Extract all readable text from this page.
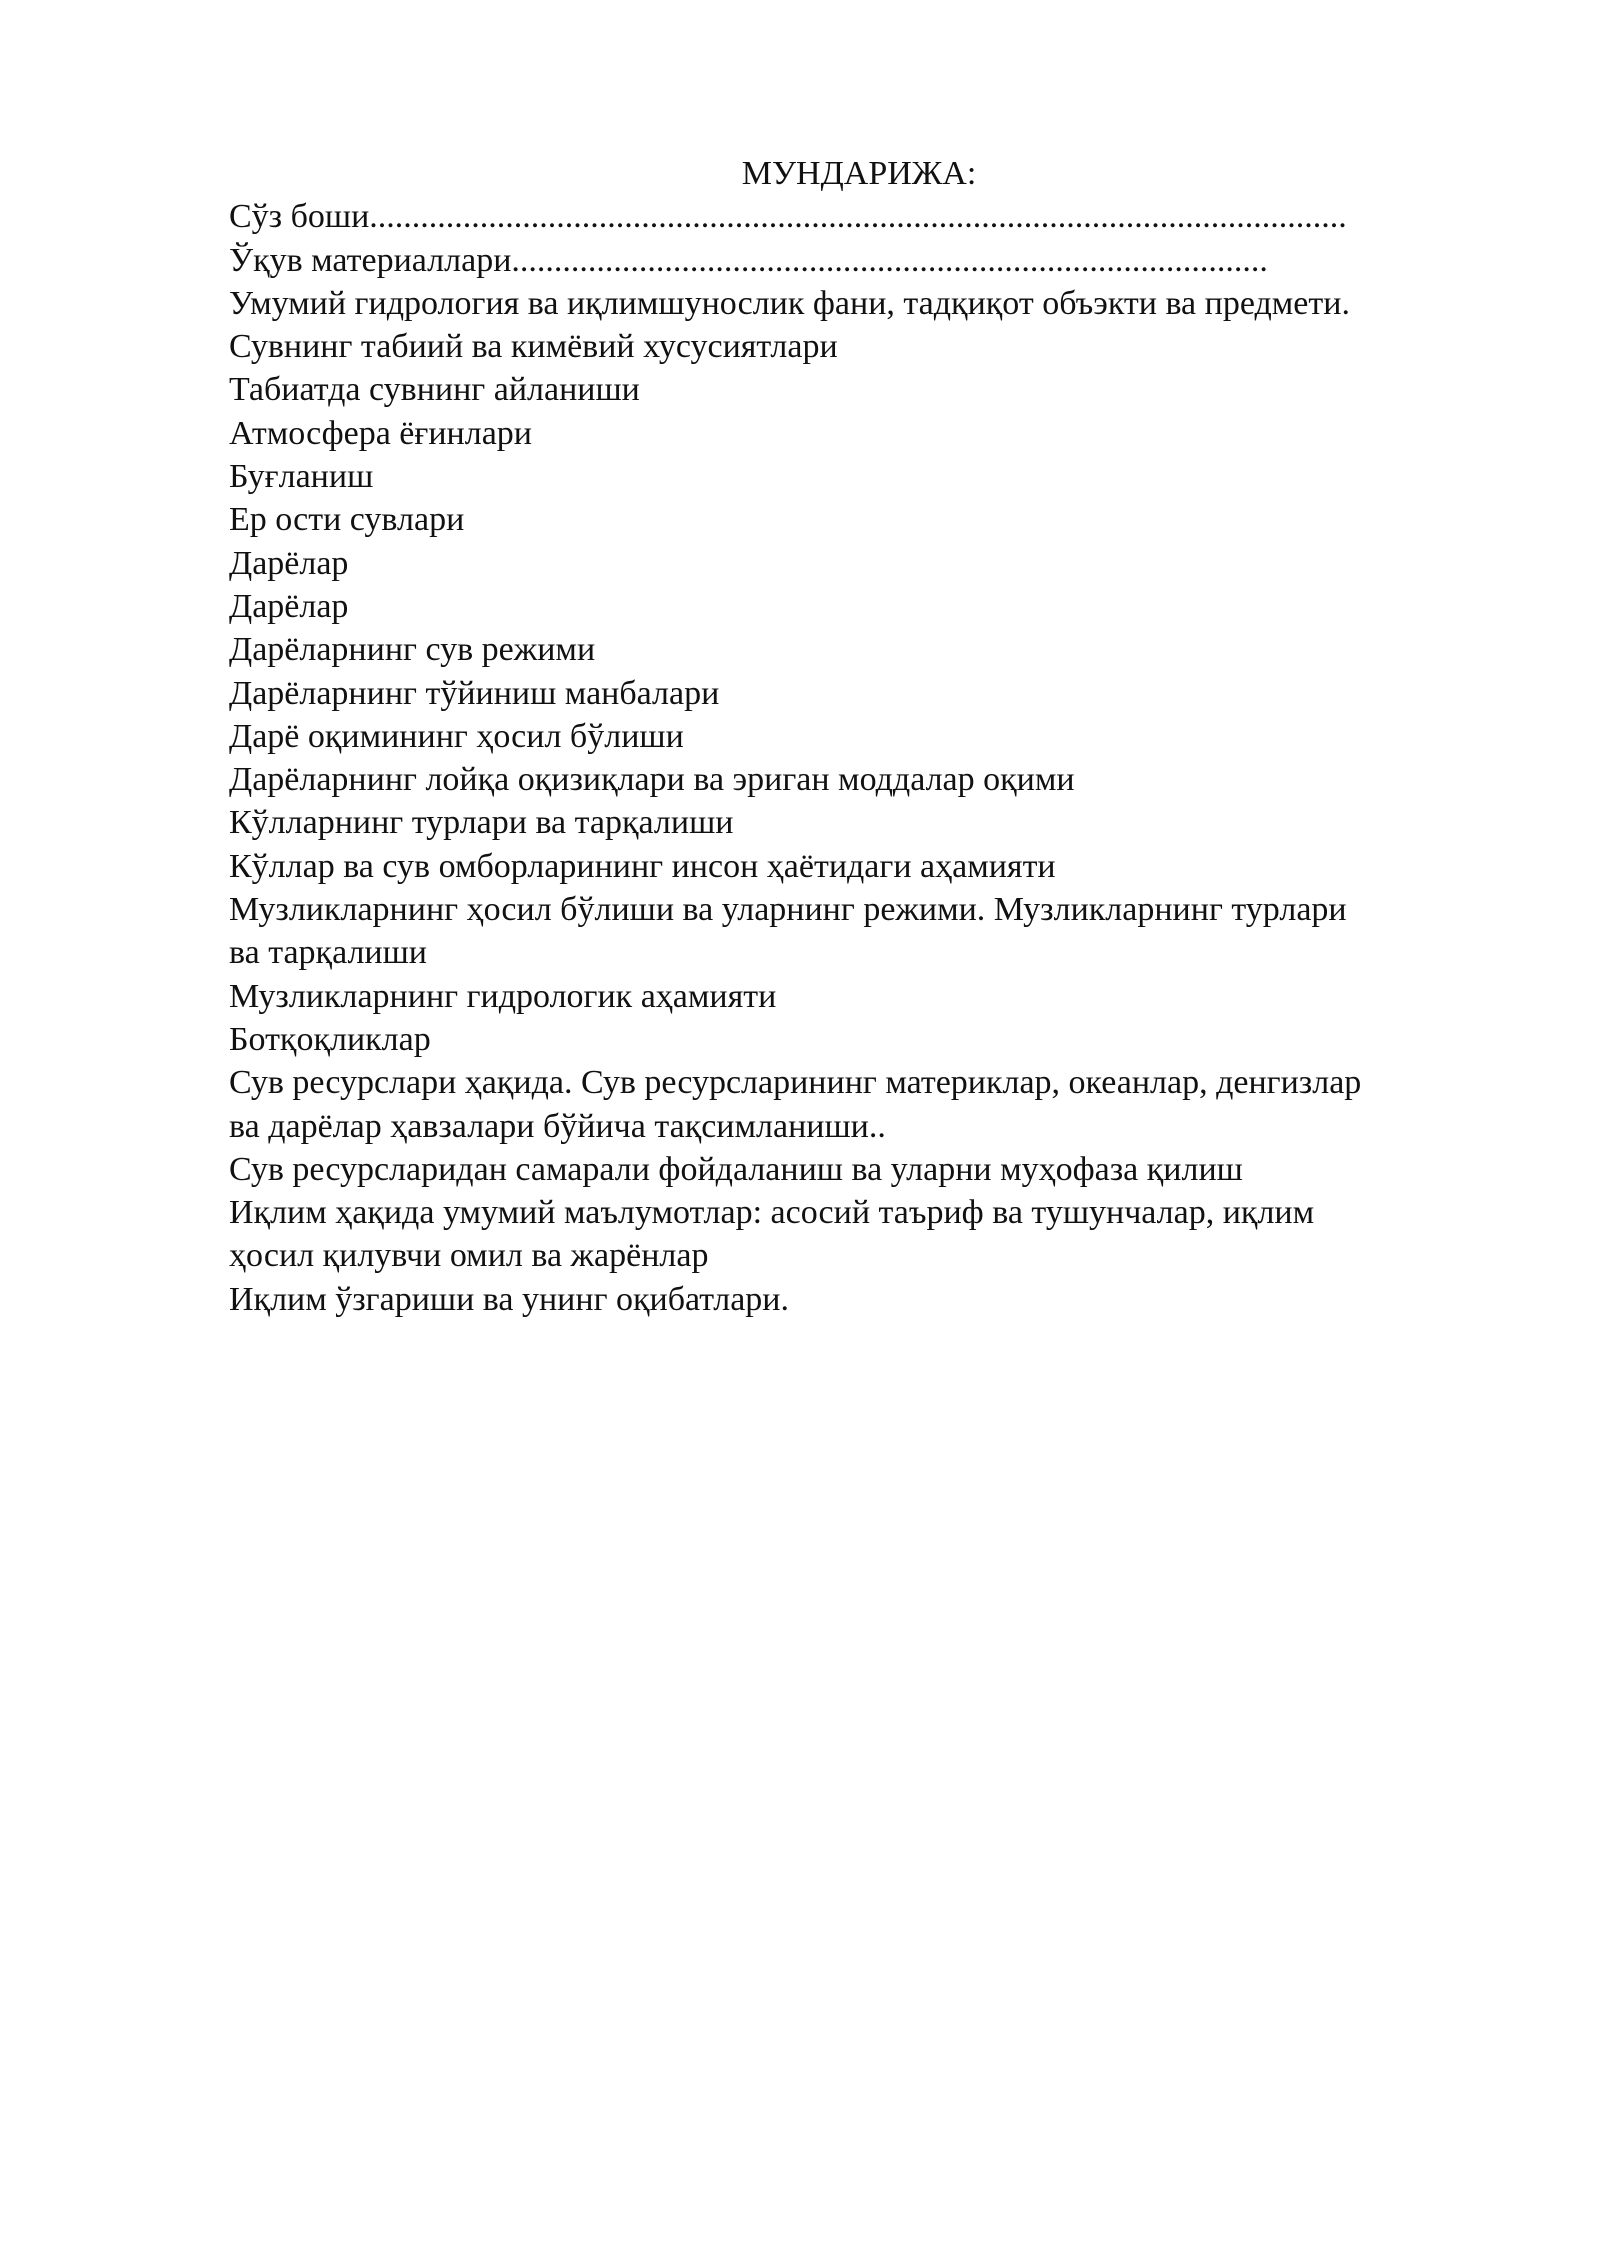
МУНДАРИЖА:
Сўз боши...................................................................................................................
Ўқув материаллари.........................................................................................
Умумий гидрология ва иқлимшунослик фани, тадқиқот объэкти ва предмети.
Сувнинг табиий ва кимёвий хусусиятлари
Табиатда сувнинг айланиши
Атмосфера ёғинлари
Буғланиш
Ер ости сувлари
Дарёлар
Дарёлар
Дарёларнинг сув режими
Дарёларнинг тўйиниш манбалари
Дарё оқимининг ҳосил бўлиши
Дарёларнинг лойқа оқизиқлари ва эриган моддалар оқими
Кўлларнинг турлари ва тарқалиши
Кўллар ва сув омборларининг инсон ҳаётидаги аҳамияти
Музликларнинг ҳосил бўлиши ва уларнинг режими. Музликларнинг турлари
ва тарқалиши
Музликларнинг гидрологик аҳамияти
Ботқоқликлар
Сув ресурслари ҳақида. Сув ресурсларининг материклар, океанлар, денгизлар
ва дарёлар ҳавзалари бўйича тақсимланиши..
Сув ресурсларидан самарали фойдаланиш ва уларни муҳофаза қилиш
Иқлим ҳақида умумий маълумотлар: асосий таъриф ва тушунчалар, иқлим
ҳосил қилувчи омил ва жарёнлар
Иқлим ўзгариши ва унинг оқибатлари.
